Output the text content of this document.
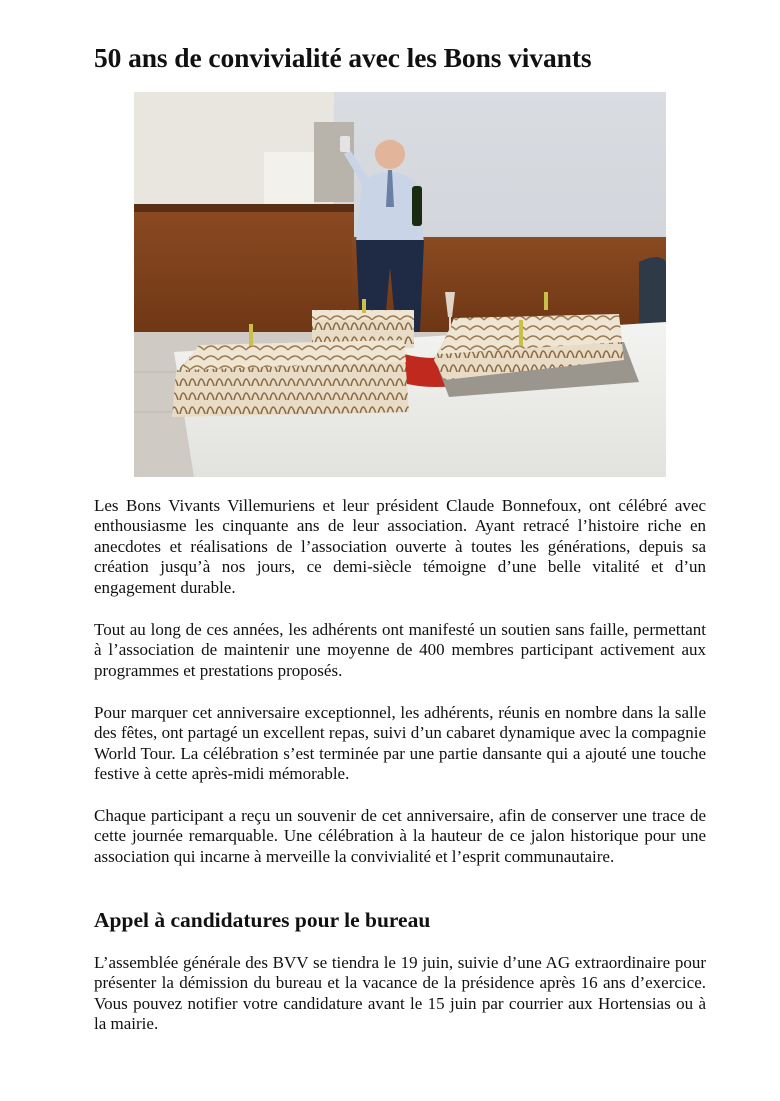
50 ans de convivialité avec les Bons vivants

Les Bons Vivants Villemuriens et leur président Claude Bonnefoux, ont célébré avec enthousiasme les cinquante ans de leur association. Ayant retracé l’histoire riche en anecdotes et réalisations de l’association ouverte à toutes les générations, depuis sa création jusqu’à nos jours, ce demi-siècle témoigne d’une belle vitalité et d’un engagement durable.

Tout au long de ces années, les adhérents ont manifesté un soutien sans faille, permettant à l’association de maintenir une moyenne de 400 membres participant activement aux programmes et prestations proposés.

Pour marquer cet anniversaire exceptionnel, les adhérents, réunis en nombre dans la salle des fêtes, ont partagé un excellent repas, suivi d’un cabaret dynamique avec la compagnie World Tour. La célébration s’est terminée par une partie dansante qui a ajouté une touche festive à cette après-midi mémorable.

Chaque participant a reçu un souvenir de cet anniversaire, afin de conserver une trace de cette journée remarquable. Une célébration à la hauteur de ce jalon historique pour une association qui incarne à merveille la convivialité et l’esprit communautaire.

Appel à candidatures pour le bureau

L’assemblée générale des BVV se tiendra le 19 juin, suivie d’une AG extraordinaire pour présenter la démission du bureau et la vacance de la présidence après 16 ans d’exercice. Vous pouvez notifier votre candidature avant le 15 juin par courrier aux Hortensias ou à la mairie.
